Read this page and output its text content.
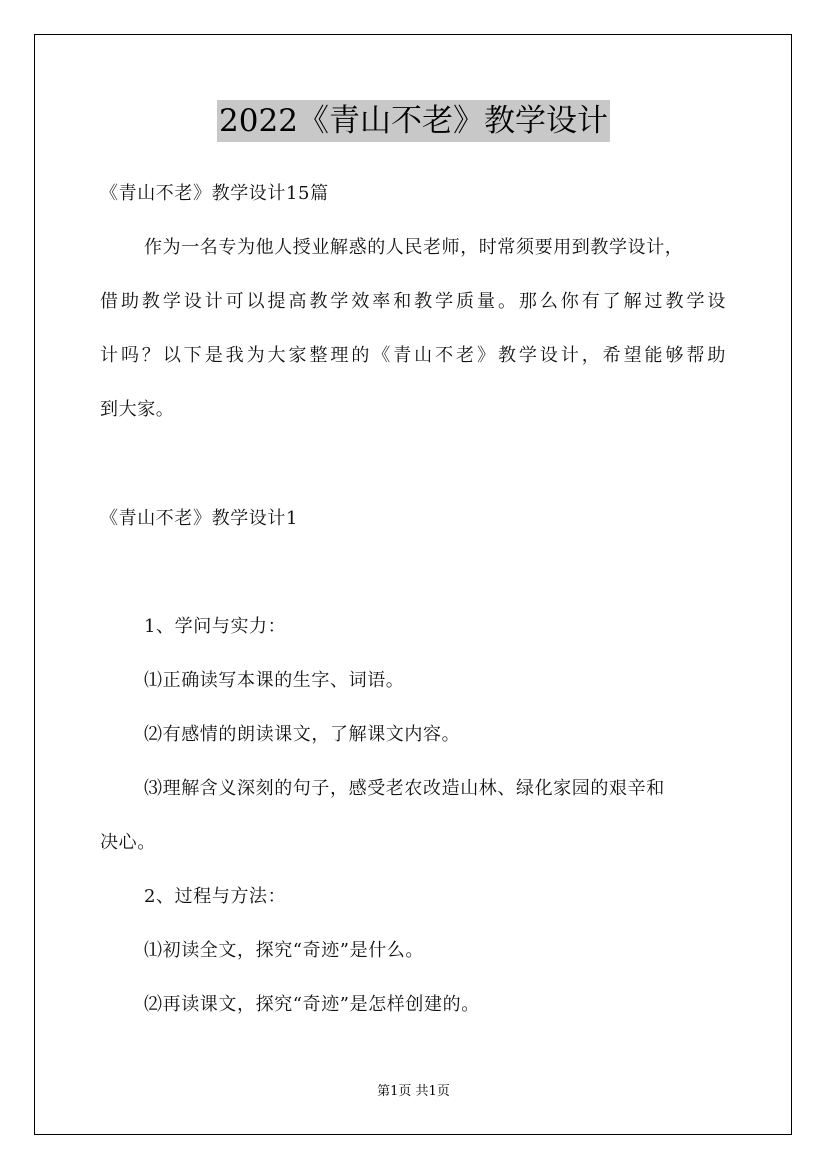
2022《青山不老》教学设计
《青山不老》教学设计15篇
作为一名专为他人授业解惑的人民老师，时常须要用到教学设计，
借助教学设计可以提高教学效率和教学质量。那么你有了解过教学设
计吗？以下是我为大家整理的《青山不老》教学设计，希望能够帮助
到大家。
《青山不老》教学设计1
1、学问与实力：
⑴正确读写本课的生字、词语。
⑵有感情的朗读课文，了解课文内容。
⑶理解含义深刻的句子，感受老农改造山林、绿化家园的艰辛和
决心。
2、过程与方法：
⑴初读全文，探究“奇迹”是什么。
⑵再读课文，探究“奇迹”是怎样创建的。
第1页 共1页
